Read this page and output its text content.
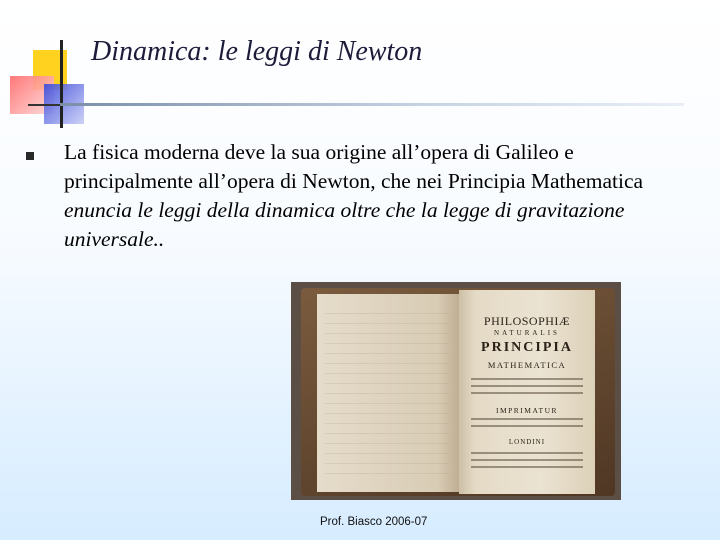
Dinamica: le leggi di Newton
La fisica moderna deve la sua origine all’opera di Galileo e principalmente all’opera di Newton, che nei Principia Mathematica
enuncia le leggi della dinamica oltre che la legge di gravitazione universale..
PHILOSOPHIÆ
NATURALIS
PRINCIPIA
MATHEMATICA
IMPRIMATUR
LONDINI
Prof. Biasco 2006-07
